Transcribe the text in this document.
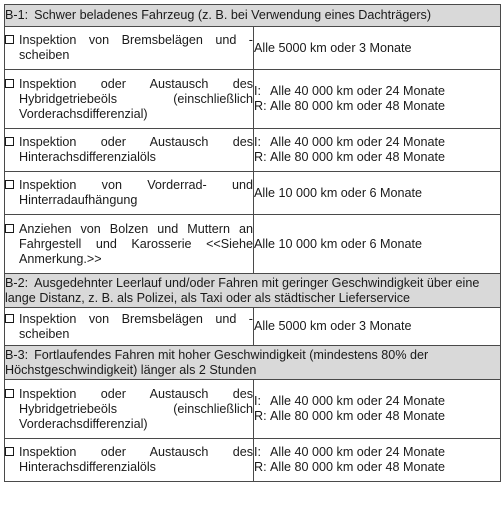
B-1: Schwer beladenes Fahrzeug (z. B. bei Verwendung eines Dachträgers)	

Inspektion von Bremsbelägen und -scheiben	Alle 5000 km oder 3 Monate

Inspektion oder Austausch des Hybridgetriebeöls (einschließlich Vorderachsdifferenzial)	I: Alle 40 000 km oder 24 Monate
R: Alle 80 000 km oder 48 Monate

Inspektion oder Austausch des Hinterachsdifferenzialöls	I: Alle 40 000 km oder 24 Monate
R: Alle 80 000 km oder 48 Monate

Inspektion von Vorderrad- und Hinterradaufhängung	Alle 10 000 km oder 6 Monate

Anziehen von Bolzen und Muttern an Fahrgestell und Karosserie <<Siehe Anmerkung.>>	Alle 10 000 km oder 6 Monate

B-2: Ausgedehnter Leerlauf und/oder Fahren mit geringer Geschwindigkeit über eine lange Distanz, z. B. als Polizei, als Taxi oder als städtischer Lieferservice	

Inspektion von Bremsbelägen und -scheiben	Alle 5000 km oder 3 Monate

B-3: Fortlaufendes Fahren mit hoher Geschwindigkeit (mindestens 80% der Höchstgeschwindigkeit) länger als 2 Stunden	

Inspektion oder Austausch des Hybridgetriebeöls (einschließlich Vorderachsdifferenzial)	I: Alle 40 000 km oder 24 Monate
R: Alle 80 000 km oder 48 Monate

Inspektion oder Austausch des Hinterachsdifferenzialöls	I: Alle 40 000 km oder 24 Monate
R: Alle 80 000 km oder 48 Monate
